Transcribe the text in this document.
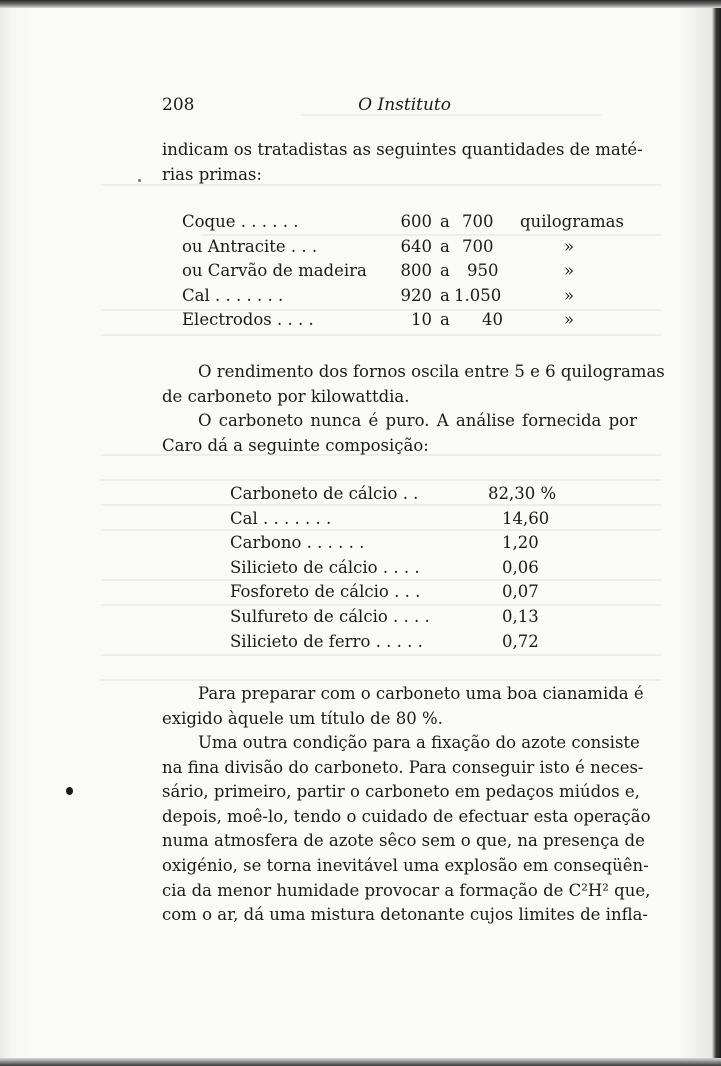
208	O Instituto
indicam os tratadistas as seguintes quantidades de maté-
rias primas:
Coque . . . . . .	600 a 700	quilogramas
ou Antracite . . .	640 a 700	»
ou Carvão de madeira	800 a 950	»
Cal . . . . . . .	920 a 1.050	»
Electrodos . . . .	10 a 40	»
O rendimento dos fornos oscila entre 5 e 6 quilogramas
de carboneto por kilowattdia.
O carboneto nunca é puro. A análise fornecida por
Caro dá a seguinte composição:
Carboneto de cálcio . .	82,30 %
Cal . . . . . . .	14,60
Carbono . . . . . .	1,20
Silicieto de cálcio . . . .	0,06
Fosforeto de cálcio . . .	0,07
Sulfureto de cálcio . . . .	0,13
Silicieto de ferro . . . . .	0,72
Para preparar com o carboneto uma boa cianamida é
exigido àquele um título de 80 %.
Uma outra condição para a fixação do azote consiste
na fina divisão do carboneto. Para conseguir isto é neces-
sário, primeiro, partir o carboneto em pedaços miúdos e,
depois, moê-lo, tendo o cuidado de efectuar esta operação
numa atmosfera de azote sêco sem o que, na presença de
oxigénio, se torna inevitável uma explosão em conseqüên-
cia da menor humidade provocar a formação de C²H² que,
com o ar, dá uma mistura detonante cujos limites de infla-
